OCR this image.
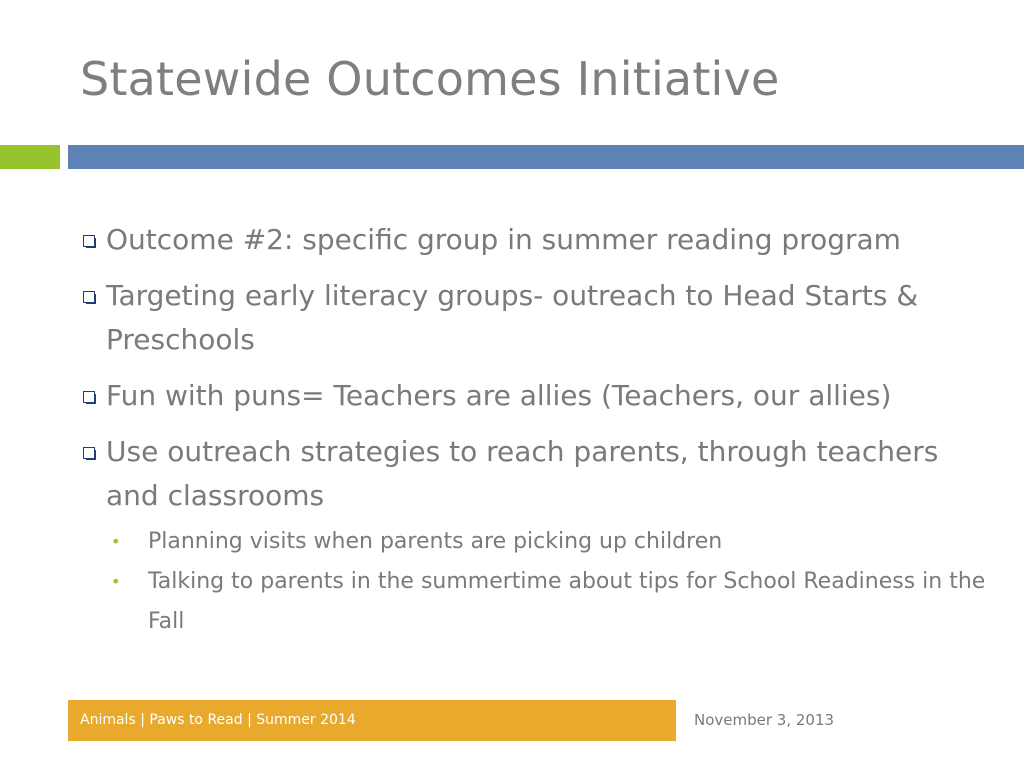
Statewide Outcomes Initiative
Outcome #2: specific group in summer reading program
Targeting early literacy groups- outreach to Head Starts & Preschools
Fun with puns= Teachers are allies (Teachers, our allies)
Use outreach strategies to reach parents, through teachers and classrooms
• Planning visits when parents are picking up children
• Talking to parents in the summertime about tips for School Readiness in the Fall
Animals | Paws to Read | Summer 2014	November 3, 2013
